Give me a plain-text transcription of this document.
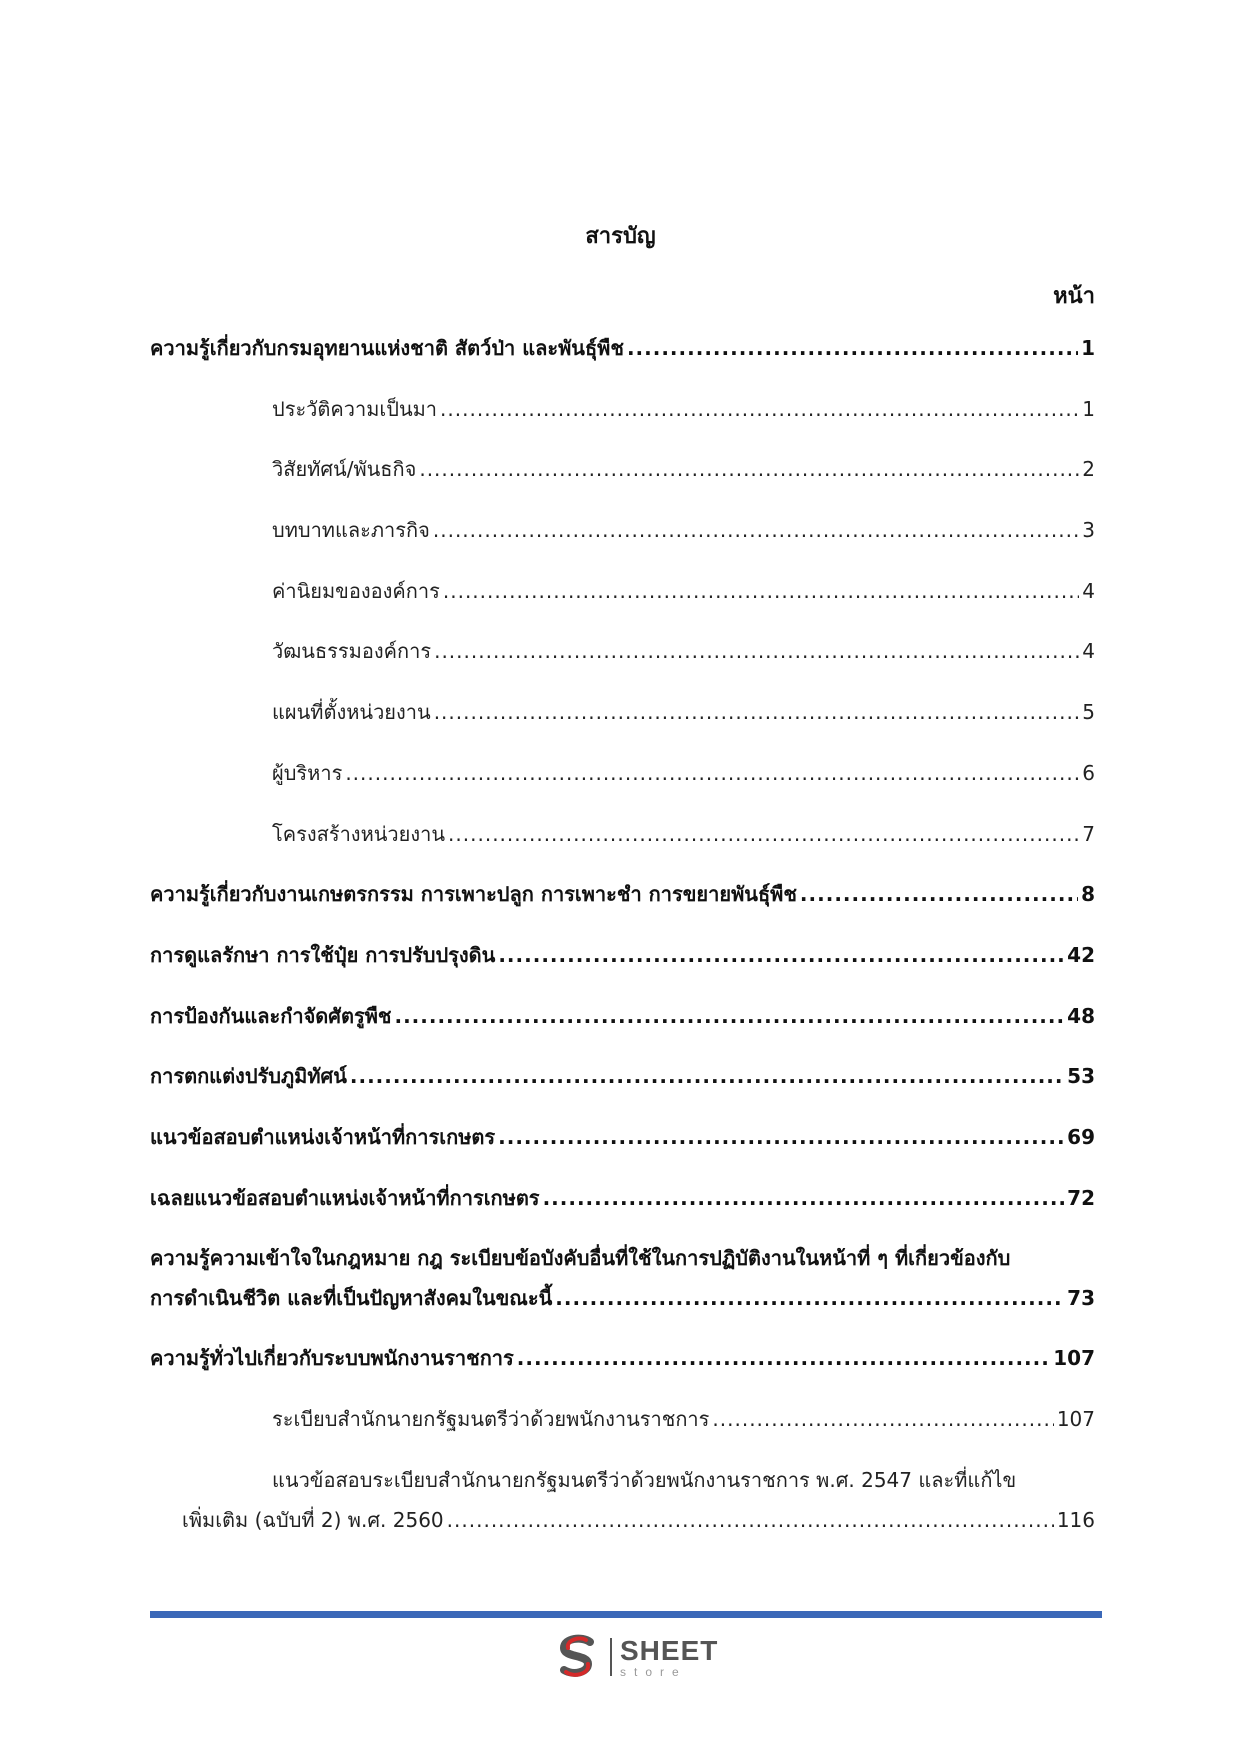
สารบัญ
หน้า
ความรู้เกี่ยวกับกรมอุทยานแห่งชาติ สัตว์ป่า และพันธุ์พืช .....	1
ประวัติความเป็นมา .....	1
วิสัยทัศน์/พันธกิจ .....	2
บทบาทและภารกิจ .....	3
ค่านิยมขององค์การ .....	4
วัฒนธรรมองค์การ .....	4
แผนที่ตั้งหน่วยงาน .....	5
ผู้บริหาร .....	6
โครงสร้างหน่วยงาน .....	7
ความรู้เกี่ยวกับงานเกษตรกรรม การเพาะปลูก การเพาะชำ การขยายพันธุ์พืช .....	8
การดูแลรักษา การใช้ปุ๋ย การปรับปรุงดิน .....	42
การป้องกันและกำจัดศัตรูพืช .....	48
การตกแต่งปรับภูมิทัศน์ .....	53
แนวข้อสอบตำแหน่งเจ้าหน้าที่การเกษตร .....	69
เฉลยแนวข้อสอบตำแหน่งเจ้าหน้าที่การเกษตร .....	72
ความรู้ความเข้าใจในกฎหมาย กฎ ระเบียบข้อบังคับอื่นที่ใช้ในการปฏิบัติงานในหน้าที่ ๆ ที่เกี่ยวข้องกับ
การดำเนินชีวิต และที่เป็นปัญหาสังคมในขณะนี้ .....	73
ความรู้ทั่วไปเกี่ยวกับระบบพนักงานราชการ .....	107
ระเบียบสำนักนายกรัฐมนตรีว่าด้วยพนักงานราชการ .....	107
แนวข้อสอบระเบียบสำนักนายกรัฐมนตรีว่าด้วยพนักงานราชการ พ.ศ. 2547 และที่แก้ไข
เพิ่มเติม (ฉบับที่ 2) พ.ศ. 2560 .....	116
SHEET
store
